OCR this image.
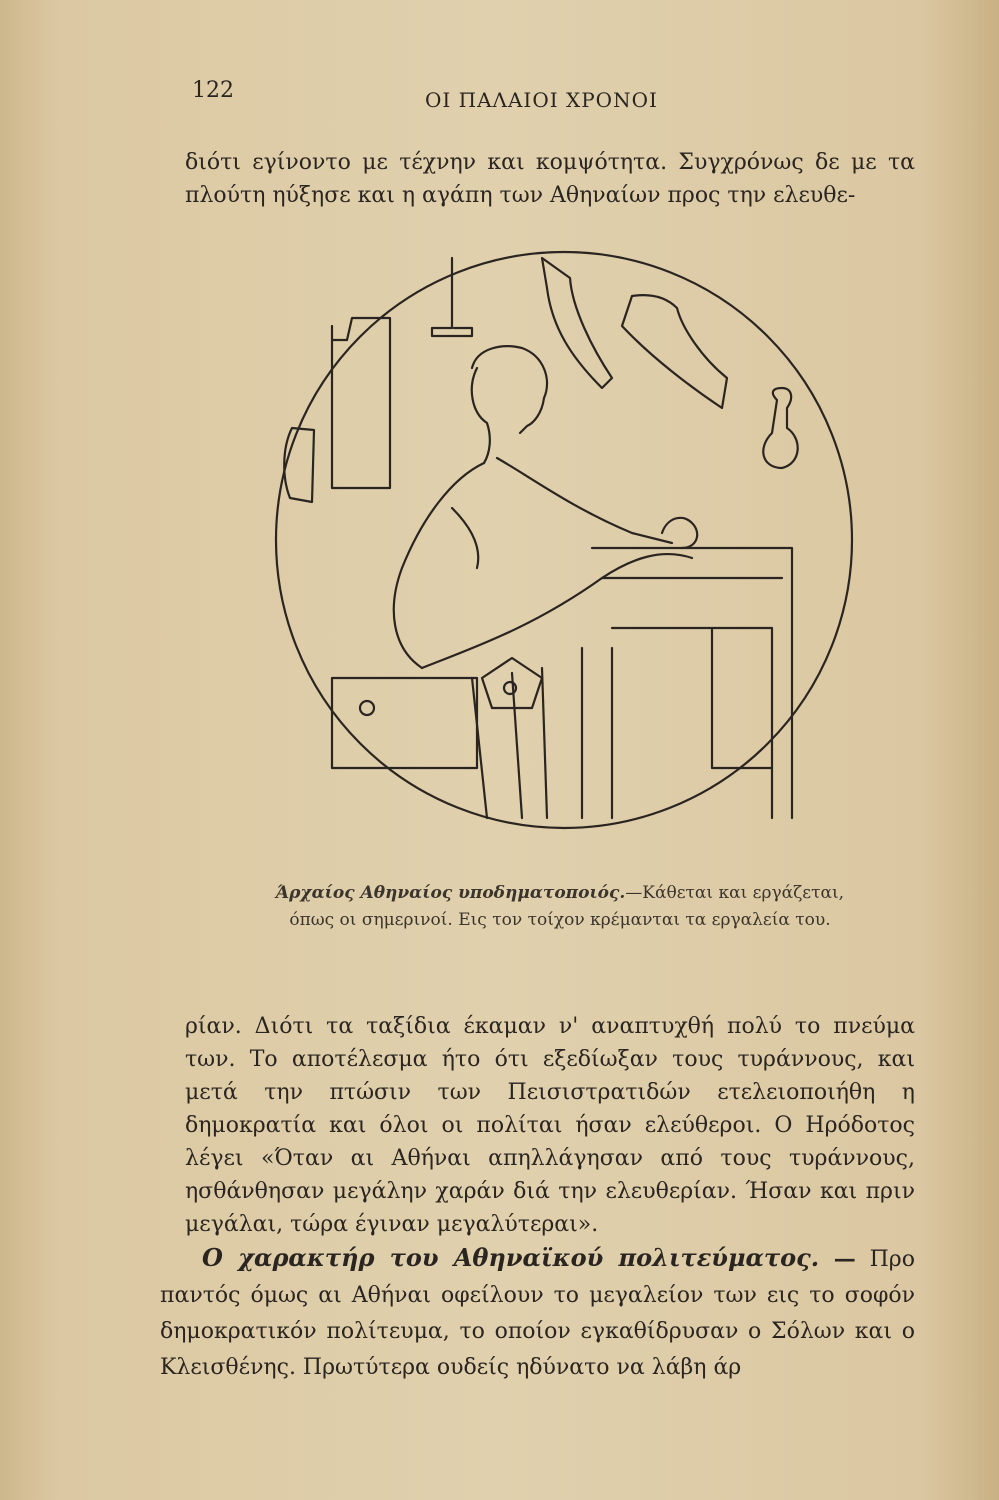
122	ΟΙ ΠΑΛΑΙΟΙ ΧΡΟΝΟΙ

διότι εγίνοντο με τέχνην και κομψότητα. Συγχρόνως δε με τα πλούτη ηύξησε και η αγάπη των Αθηναίων προς την ελευθε-

Άρχαίος Αθηναίος υποδηματοποιός.—Κάθεται και εργάζεται, όπως οι σημερινοί. Εις τον τοίχον κρέμανται τα εργαλεία του.

ρίαν. Διότι τα ταξίδια έκαμαν ν' αναπτυχθή πολύ το πνεύμα των. Το αποτέλεσμα ήτο ότι εξεδίωξαν τους τυράννους, και μετά την πτώσιν των Πεισιστρατιδών ετελειοποιήθη η δημοκρατία και όλοι οι πολίται ήσαν ελεύθεροι. Ο Ηρόδοτος λέγει «Όταν αι Αθήναι απηλλάγησαν από τους τυράννους, ησθάνθησαν μεγάλην χαράν διά την ελευθερίαν. Ήσαν και πριν μεγάλαι, τώρα έγιναν μεγαλύτεραι».

Ο χαρακτήρ του Αθηναϊκού πολιτεύματος. — Προ παντός όμως αι Αθήναι οφείλουν το μεγαλείον των εις το σοφόν δημοκρατικόν πολίτευμα, το οποίον εγκαθίδρυσαν ο Σόλων και ο Κλεισθένης. Πρωτύτερα ουδείς ηδύνατο να λάβη άρ
